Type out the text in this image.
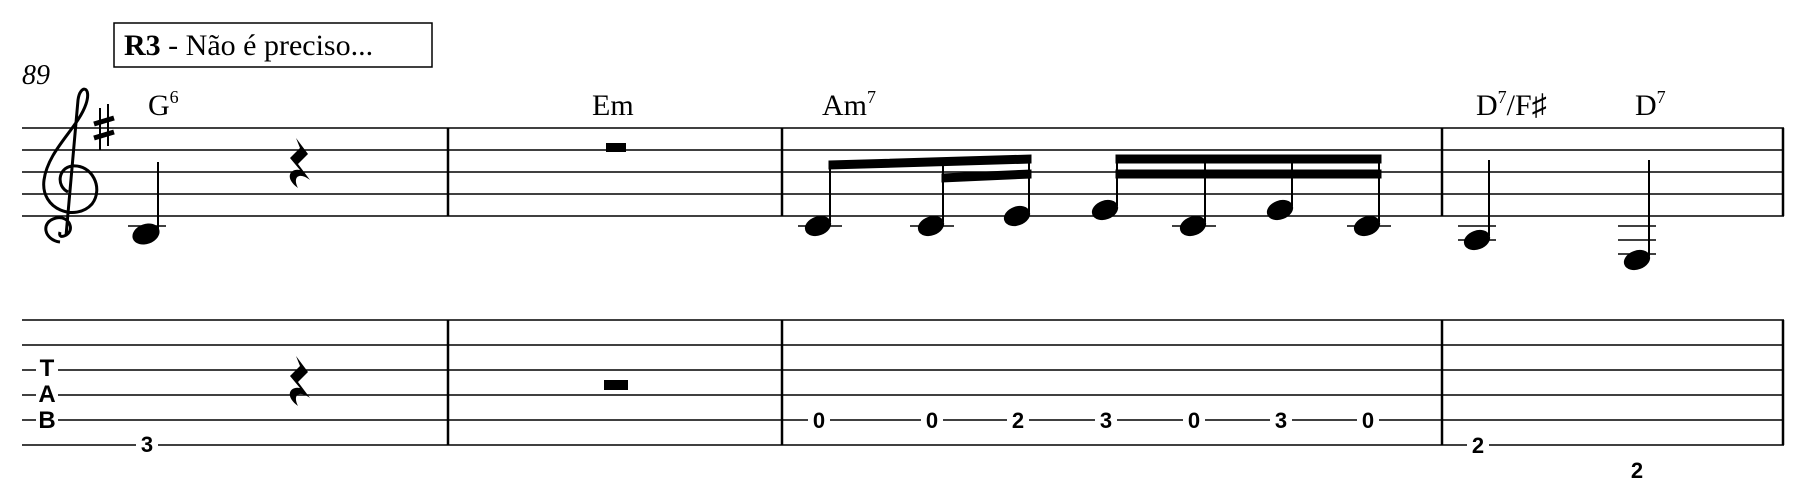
R3 - Não é preciso...
89
$G^6$	Em	Am$^7$	$D^7/F♯$	$D^7$
T
A
B
3
0	0	2	3	0	3	0
2
2
